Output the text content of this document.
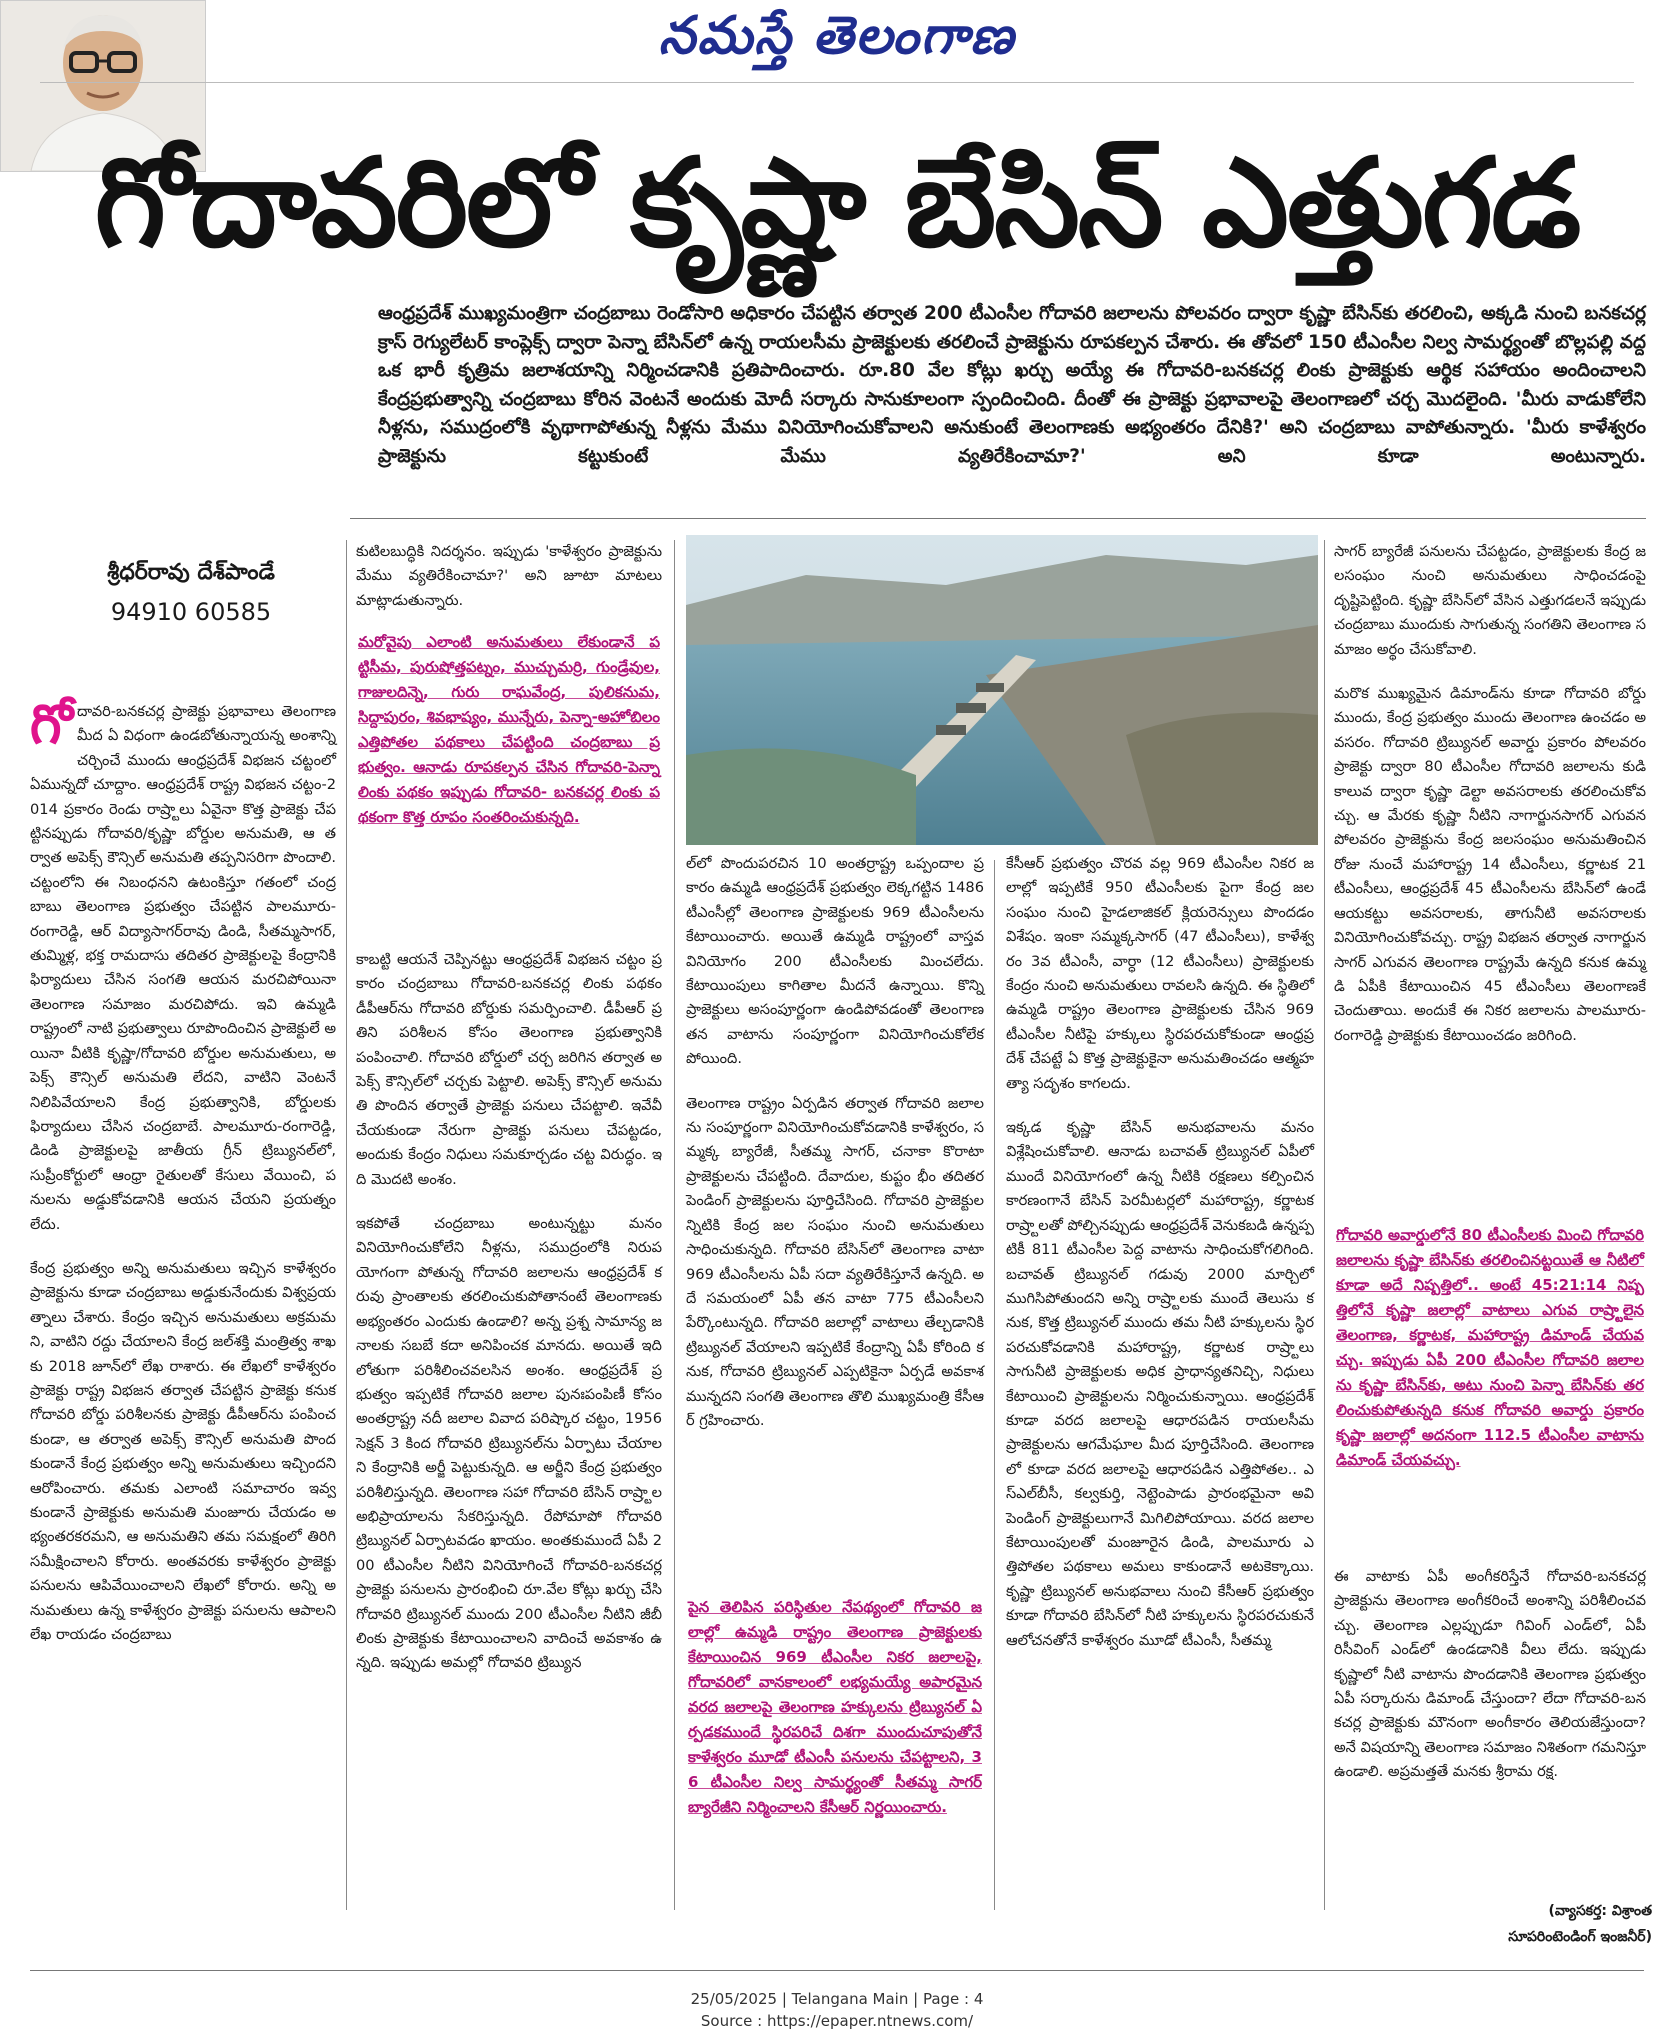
నమస్తే తెలంగాణ
గోదావరిలో కృష్ణా బేసిన్ ఎత్తుగడ
శ్రీధర్‌రావు దేశ్‌పాండే
94910 60585

ఆంధ్రప్రదేశ్ ముఖ్యమంత్రిగా చంద్రబాబు రెండోసారి అధికారం చేపట్టిన తర్వాత 200 టీఎంసీల గోదావరి జలాలను పోలవరం ద్వారా కృష్ణా బేసిన్‌కు తరలించి, అక్కడి నుంచి బనకచర్ల క్రాస్ రెగ్యులేటర్ కాంప్లెక్స్ ద్వారా పెన్నా బేసిన్‌లో ఉన్న రాయలసీమ ప్రాజెక్టులకు తరలించే ప్రాజెక్టును రూపకల్పన చేశారు. ఈ తోవలో 150 టీఎంసీల నిల్వ సామర్థ్యంతో బొల్లపల్లి వద్ద ఒక భారీ కృత్రిమ జలాశయాన్ని నిర్మించడానికి ప్రతిపాదించారు. రూ.80 వేల కోట్లు ఖర్చు అయ్యే ఈ గోదావరి-బనకచర్ల లింకు ప్రాజెక్టుకు ఆర్థిక సహాయం అందించాలని కేంద్రప్రభుత్వాన్ని చంద్రబాబు కోరిన వెంటనే అందుకు మోదీ సర్కారు సానుకూలంగా స్పందించింది. దీంతో ఈ ప్రాజెక్టు ప్రభావాలపై తెలంగాణలో చర్చ మొదలైంది. 'మీరు వాడుకోలేని నీళ్లను, సముద్రంలోకి వృథాగాపోతున్న నీళ్లను మేము వినియోగించుకోవాలని అనుకుంటే తెలంగాణకు అభ్యంతరం దేనికి?' అని చంద్రబాబు వాపోతున్నారు. 'మీరు కాళేశ్వరం ప్రాజెక్టును కట్టుకుంటే మేము వ్యతిరేకించామా?' అని కూడా అంటున్నారు.

గోదావరి-బనకచర్ల ప్రాజెక్టు ప్రభావాలు తెలంగాణ మీద ఏ విధంగా ఉండబోతున్నాయన్న అంశాన్ని చర్చించే ముందు ఆంధ్రప్రదేశ్ విభజన చట్టంలో ఏమున్నదో చూద్దాం. ఆంధ్రప్రదేశ్ రాష్ట్ర విభజన చట్టం-2014 ప్రకారం రెండు రాష్ర్టాలు ఏవైనా కొత్త ప్రాజెక్టు చేపట్టినప్పుడు గోదావరి/కృష్ణా బోర్డుల అనుమతి, ఆ తర్వాత అపెక్స్ కౌన్సిల్ అనుమతి తప్పనిసరిగా పొందాలి. చట్టంలోని ఈ నిబంధనని ఉటంకిస్తూ గతంలో చంద్రబాబు తెలంగాణ ప్రభుత్వం చేపట్టిన పాలమూరు-రంగారెడ్డి, ఆర్ విద్యాసాగర్‌రావు డిండి, సీతమ్మసాగర్, తుమ్మిళ్ల, భక్త రామదాసు తదితర ప్రాజెక్టులపై కేంద్రానికి ఫిర్యాదులు చేసిన సంగతి ఆయన మరచిపోయినా తెలంగాణ సమాజం మరచిపోదు. ఇవి ఉమ్మడి రాష్ట్రంలో నాటి ప్రభుత్వాలు రూపొందించిన ప్రాజెక్టులే అయినా వీటికి కృష్ణా/గోదావరి బోర్డుల అనుమతులు, అపెక్స్ కౌన్సిల్ అనుమతి లేదని, వాటిని వెంటనే నిలిపివేయాలని కేంద్ర ప్రభుత్వానికి, బోర్డులకు ఫిర్యాదులు చేసిన చంద్రబాబే. పాలమూరు-రంగారెడ్డి, డిండి ప్రాజెక్టులపై జాతీయ గ్రీన్ ట్రిబ్యునల్‌లో, సుప్రీంకోర్టులో ఆంధ్రా రైతులతో కేసులు వేయించి, పనులను అడ్డుకోవడానికి ఆయన చేయని ప్రయత్నం లేదు.

కేంద్ర ప్రభుత్వం అన్ని అనుమతులు ఇచ్చిన కాళేశ్వరం ప్రాజెక్టును కూడా చంద్రబాబు అడ్డుకునేందుకు విశ్వప్రయత్నాలు చేశారు. కేంద్రం ఇచ్చిన అనుమతులు అక్రమమని, వాటిని రద్దు చేయాలని కేంద్ర జల్‌శక్తి మంత్రిత్వ శాఖకు 2018 జూన్‌లో లేఖ రాశారు. ఈ లేఖలో కాళేశ్వరం ప్రాజెక్టు రాష్ట్ర విభజన తర్వాత చేపట్టిన ప్రాజెక్టు కనుక గోదావరి బోర్డు పరిశీలనకు ప్రాజెక్టు డీపీఆర్‌ను పంపించకుండా, ఆ తర్వాత అపెక్స్ కౌన్సిల్ అనుమతి పొందకుండానే కేంద్ర ప్రభుత్వం అన్ని అనుమతులు ఇచ్చిందని ఆరోపించారు. తమకు ఎలాంటి సమాచారం ఇవ్వకుండానే ప్రాజెక్టుకు అనుమతి మంజూరు చేయడం అభ్యంతరకరమని, ఆ అనుమతిని తమ సమక్షంలో తిరిగి సమీక్షించాలని కోరారు. అంతవరకు కాళేశ్వరం ప్రాజెక్టు పనులను ఆపివేయించాలని లేఖలో కోరారు. అన్ని అనుమతులు ఉన్న కాళేశ్వరం ప్రాజెక్టు పనులను ఆపాలని లేఖ రాయడం చంద్రబాబు

కుటిలబుద్ధికి నిదర్శనం. ఇప్పుడు 'కాళేశ్వరం ప్రాజెక్టును మేము వ్యతిరేకించామా?' అని జూటా మాటలు మాట్లాడుతున్నారు.

మరోవైపు ఎలాంటి అనుమతులు లేకుండానే పట్టిసీమ, పురుషోత్తపట్నం, ముచ్చుమర్రి, గుండ్రేవుల, గాజులదిన్నె, గురు రాఘవేంద్ర, పులికనుమ, సిద్దాపురం, శివభాష్యం, మున్నేరు, పెన్నా-అహోబిలం ఎత్తిపోతల పథకాలు చేపట్టింది చంద్రబాబు ప్రభుత్వం. ఆనాడు రూపకల్పన చేసిన గోదావరి-పెన్నా లింకు పథకం ఇప్పుడు గోదావరి- బనకచర్ల లింకు పథకంగా కొత్త రూపం సంతరించుకున్నది.

కాబట్టి ఆయనే చెప్పినట్టు ఆంధ్రప్రదేశ్ విభజన చట్టం ప్రకారం చంద్రబాబు గోదావరి-బనకచర్ల లింకు పథకం డీపీఆర్‌ను గోదావరి బోర్డుకు సమర్పించాలి. డీపీఆర్ ప్రతిని పరిశీలన కోసం తెలంగాణ ప్రభుత్వానికి పంపించాలి. గోదావరి బోర్డులో చర్చ జరిగిన తర్వాత అపెక్స్ కౌన్సిల్‌లో చర్చకు పెట్టాలి. అపెక్స్ కౌన్సిల్ అనుమతి పొందిన తర్వాతే ప్రాజెక్టు పనులు చేపట్టాలి. ఇవేవీ చేయకుండా నేరుగా ప్రాజెక్టు పనులు చేపట్టడం, అందుకు కేంద్రం నిధులు సమకూర్చడం చట్ట విరుద్ధం. ఇది మొదటి అంశం.

ఇకపోతే చంద్రబాబు అంటున్నట్టు మనం వినియోగించుకోలేని నీళ్లను, సముద్రంలోకి నిరుపయోగంగా పోతున్న గోదావరి జలాలను ఆంధ్రప్రదేశ్ కరువు ప్రాంతాలకు తరలించుకుపోతానంటే తెలంగాణకు అభ్యంతరం ఎందుకు ఉండాలి? అన్న ప్రశ్న సామాన్య జనాలకు సబబే కదా అనిపించక మానదు. అయితే ఇది లోతుగా పరిశీలించవలసిన అంశం. ఆంధ్రప్రదేశ్ ప్రభుత్వం ఇప్పటికే గోదావరి జలాల పునఃపంపిణీ కోసం అంతర్రాష్ట్ర నదీ జలాల వివాద పరిష్కార చట్టం, 1956 సెక్షన్ 3 కింద గోదావరి ట్రిబ్యునల్‌ను ఏర్పాటు చేయాలని కేంద్రానికి అర్జీ పెట్టుకున్నది. ఆ అర్జీని కేంద్ర ప్రభుత్వం పరిశీలిస్తున్నది. తెలంగాణ సహా గోదావరి బేసిన్ రాష్ర్టాల అభిప్రాయాలను సేకరిస్తున్నది. రేపోమాపో గోదావరి ట్రిబ్యునల్ ఏర్పాటవడం ఖాయం. అంతకుముందే ఏపీ 200 టీఎంసీల నీటిని వినియోగించే గోదావరి-బనకచర్ల ప్రాజెక్టు పనులను ప్రారంభించి రూ.వేల కోట్లు ఖర్చు చేసి గోదావరి ట్రిబ్యునల్ ముందు 200 టీఎంసీల నీటిని జీబీ లింకు ప్రాజెక్టుకు కేటాయించాలని వాదించే అవకాశం ఉన్నది. ఇప్పుడు అమల్లో గోదావరి ట్రిబ్యున

ల్‌లో పొందుపరచిన 10 అంతర్రాష్ట్ర ఒప్పందాల ప్రకారం ఉమ్మడి ఆంధ్రప్రదేశ్ ప్రభుత్వం లెక్కగట్టిన 1486 టీఎంసీల్లో తెలంగాణ ప్రాజెక్టులకు 969 టీఎంసీలను కేటాయించారు. అయితే ఉమ్మడి రాష్ట్రంలో వాస్తవ వినియోగం 200 టీఎంసీలకు మించలేదు. కేటాయింపులు కాగితాల మీదనే ఉన్నాయి. కొన్ని ప్రాజెక్టులు అసంపూర్ణంగా ఉండిపోవడంతో తెలంగాణ తన వాటాను సంపూర్ణంగా వినియోగించుకోలేకపోయింది.

తెలంగాణ రాష్ట్రం ఏర్పడిన తర్వాత గోదావరి జలాలను సంపూర్ణంగా వినియోగించుకోవడానికి కాళేశ్వరం, సమ్మక్క బ్యారేజీ, సీతమ్మ సాగర్, చనాకా కొరాటా ప్రాజెక్టులను చేపట్టింది. దేవాదుల, కుప్టం భీం తదితర పెండింగ్ ప్రాజెక్టులను పూర్తిచేసింది. గోదావరి ప్రాజెక్టులన్నిటికి కేంద్ర జల సంఘం నుంచి అనుమతులు సాధించుకున్నది. గోదావరి బేసిన్‌లో తెలంగాణ వాటా 969 టీఎంసీలను ఏపీ సదా వ్యతిరేకిస్తూనే ఉన్నది. అదే సమయంలో ఏపీ తన వాటా 775 టీఎంసీలని పేర్కొంటున్నది. గోదావరి జలాల్లో వాటాలు తేల్చడానికి ట్రిబ్యునల్ వేయాలని ఇప్పటికే కేంద్రాన్ని ఏపీ కోరింది కనుక, గోదావరి ట్రిబ్యునల్ ఎప్పటికైనా ఏర్పడే అవకాశమున్నదని సంగతి తెలంగాణ తొలి ముఖ్యమంత్రి కేసీఆర్ గ్రహించారు.

పైన తెలిపిన పరిస్థితుల నేపథ్యంలో గోదావరి జలాల్లో ఉమ్మడి రాష్ట్రం తెలంగాణ ప్రాజెక్టులకు కేటాయించిన 969 టీఎంసీల నికర జలాలపై, గోదావరిలో వానకాలంలో లభ్యమయ్యే అపారమైన వరద జలాలపై తెలంగాణ హక్కులను ట్రిబ్యునల్ ఏర్పడకముందే స్థిరపరిచే దిశగా ముందుచూపుతోనే కాళేశ్వరం మూడో టీఎంసీ పనులను చేపట్టాలని, 36 టీఎంసీల నిల్వ సామర్థ్యంతో సీతమ్మ సాగర్ బ్యారేజీని నిర్మించాలని కేసీఆర్ నిర్ణయించారు.

కేసీఆర్ ప్రభుత్వం చొరవ వల్ల 969 టీఎంసీల నికర జలాల్లో ఇప్పటికే 950 టీఎంసీలకు పైగా కేంద్ర జల సంఘం నుంచి హైడలాజికల్ క్లియరెన్సులు పొందడం విశేషం. ఇంకా సమ్మక్కసాగర్ (47 టీఎంసీలు), కాళేశ్వరం 3వ టీఎంసీ, వార్ధా (12 టీఎంసీలు) ప్రాజెక్టులకు కేంద్రం నుంచి అనుమతులు రావలసి ఉన్నది. ఈ స్థితిలో ఉమ్మడి రాష్ట్రం తెలంగాణ ప్రాజెక్టులకు చేసిన 969 టీఎంసీల నీటిపై హక్కులు స్థిరపరచుకోకుండా ఆంధ్రప్రదేశ్ చేపట్టే ఏ కొత్త ప్రాజెక్టుకైనా అనుమతించడం ఆత్మహత్యా సదృశం కాగలదు.

ఇక్కడ కృష్ణా బేసిన్ అనుభవాలను మనం విశ్లేషించుకోవాలి. ఆనాడు బచావత్ ట్రిబ్యునల్ ఏపీలో ముందే వినియోగంలో ఉన్న నీటికి రక్షణలు కల్పించిన కారణంగానే బేసిన్ పెరమీటర్లలో మహారాష్ట్ర, కర్ణాటక రాష్ర్టాలతో పోల్చినప్పుడు ఆంధ్రప్రదేశ్ వెనుకబడి ఉన్నప్పటికీ 811 టీఎంసీల పెద్ద వాటాను సాధించుకోగలిగింది. బచావత్ ట్రిబ్యునల్ గడువు 2000 మార్చిలో ముగిసిపోతుందని అన్ని రాష్ర్టాలకు ముందే తెలుసు కనుక, కొత్త ట్రిబ్యునల్ ముందు తమ నీటి హక్కులను స్థిరపరచుకోవడానికి మహారాష్ట్ర, కర్ణాటక రాష్ర్టాలు సాగునీటి ప్రాజెక్టులకు అధిక ప్రాధాన్యతనిచ్చి, నిధులు కేటాయించి ప్రాజెక్టులను నిర్మించుకున్నాయి. ఆంధ్రప్రదేశ్ కూడా వరద జలాలపై ఆధారపడిన రాయలసీమ ప్రాజెక్టులను ఆగమేఘాల మీద పూర్తిచేసింది. తెలంగాణలో కూడా వరద జలాలపై ఆధారపడిన ఎత్తిపోతల.. ఎస్ఎల్‌బీసీ, కల్వకుర్తి, నెట్టెంపాడు ప్రారంభమైనా అవి పెండింగ్ ప్రాజెక్టులుగానే మిగిలిపోయాయి. వరద జలాల కేటాయింపులతో మంజూరైన డిండి, పాలమూరు ఎత్తిపోతల పథకాలు అమలు కాకుండానే అటకెక్కాయి. కృష్ణా ట్రిబ్యునల్ అనుభవాలు నుంచి కేసీఆర్ ప్రభుత్వం కూడా గోదావరి బేసిన్‌లో నీటి హక్కులను స్థిరపరచుకునే ఆలోచనతోనే కాళేశ్వరం మూడో టీఎంసీ, సీతమ్మ

సాగర్ బ్యారేజీ పనులను చేపట్టడం, ప్రాజెక్టులకు కేంద్ర జలసంఘం నుంచి అనుమతులు సాధించడంపై దృష్టిపెట్టింది. కృష్ణా బేసిన్‌లో వేసిన ఎత్తుగడలనే ఇప్పుడు చంద్రబాబు ముందుకు సాగుతున్న సంగతిని తెలంగాణ సమాజం అర్థం చేసుకోవాలి.

మరొక ముఖ్యమైన డిమాండ్‌ను కూడా గోదావరి బోర్డు ముందు, కేంద్ర ప్రభుత్వం ముందు తెలంగాణ ఉంచడం అవసరం. గోదావరి ట్రిబ్యునల్ అవార్డు ప్రకారం పోలవరం ప్రాజెక్టు ద్వారా 80 టీఎంసీల గోదావరి జలాలను కుడి కాలువ ద్వారా కృష్ణా డెల్టా అవసరాలకు తరలించుకోవచ్చు. ఆ మేరకు కృష్ణా నీటిని నాగార్జునసాగర్ ఎగువన పోలవరం ప్రాజెక్టును కేంద్ర జలసంఘం అనుమతించిన రోజు నుంచే మహారాష్ట్ర 14 టీఎంసీలు, కర్ణాటక 21 టీఎంసీలు, ఆంధ్రప్రదేశ్ 45 టీఎంసీలను బేసిన్‌లో ఉండే ఆయకట్టు అవసరాలకు, తాగునీటి అవసరాలకు వినియోగించుకోవచ్చు. రాష్ట్ర విభజన తర్వాత నాగార్జునసాగర్ ఎగువన తెలంగాణ రాష్ట్రమే ఉన్నది కనుక ఉమ్మడి ఏపీకి కేటాయించిన 45 టీఎంసీలు తెలంగాణకే చెందుతాయి. అందుకే ఈ నికర జలాలను పాలమూరు-రంగారెడ్డి ప్రాజెక్టుకు కేటాయించడం జరిగింది.

గోదావరి అవార్డులోనే 80 టీఎంసీలకు మించి గోదావరి జలాలను కృష్ణా బేసిన్‌కు తరలించినట్టయితే ఆ నీటిలో కూడా అదే నిష్పత్తిలో.. అంటే 45:21:14 నిష్పత్తిలోనే కృష్ణా జలాల్లో వాటాలు ఎగువ రాష్ర్టాలైన తెలంగాణ, కర్ణాటక, మహారాష్ట్ర డిమాండ్ చేయవచ్చు. ఇప్పుడు ఏపీ 200 టీఎంసీల గోదావరి జలాలను కృష్ణా బేసిన్‌కు, అటు నుంచి పెన్నా బేసిన్‌కు తరలించుకుపోతున్నది కనుక గోదావరి అవార్డు ప్రకారం కృష్ణా జలాల్లో అదనంగా 112.5 టీఎంసీల వాటాను డిమాండ్ చేయవచ్చు.

ఈ వాటాకు ఏపీ అంగీకరిస్తేనే గోదావరి-బనకచర్ల ప్రాజెక్టును తెలంగాణ అంగీకరించే అంశాన్ని పరిశీలించవచ్చు. తెలంగాణ ఎల్లప్పుడూ గివింగ్ ఎండ్‌లో, ఏపీ రిసీవింగ్ ఎండ్‌లో ఉండడానికి వీలు లేదు. ఇప్పుడు కృష్ణాలో నీటి వాటాను పొందడానికి తెలంగాణ ప్రభుత్వం ఏపీ సర్కారును డిమాండ్ చేస్తుందా? లేదా గోదావరి-బనకచర్ల ప్రాజెక్టుకు మౌనంగా అంగీకారం తెలియజేస్తుందా? అనే విషయాన్ని తెలంగాణ సమాజం నిశితంగా గమనిస్తూ ఉండాలి. అప్రమత్తతే మనకు శ్రీరామ రక్ష.

(వ్యాసకర్త: విశ్రాంత
సూపరింటెండింగ్ ఇంజనీర్)
25/05/2025 | Telangana Main | Page : 4
Source : https://epaper.ntnews.com/
